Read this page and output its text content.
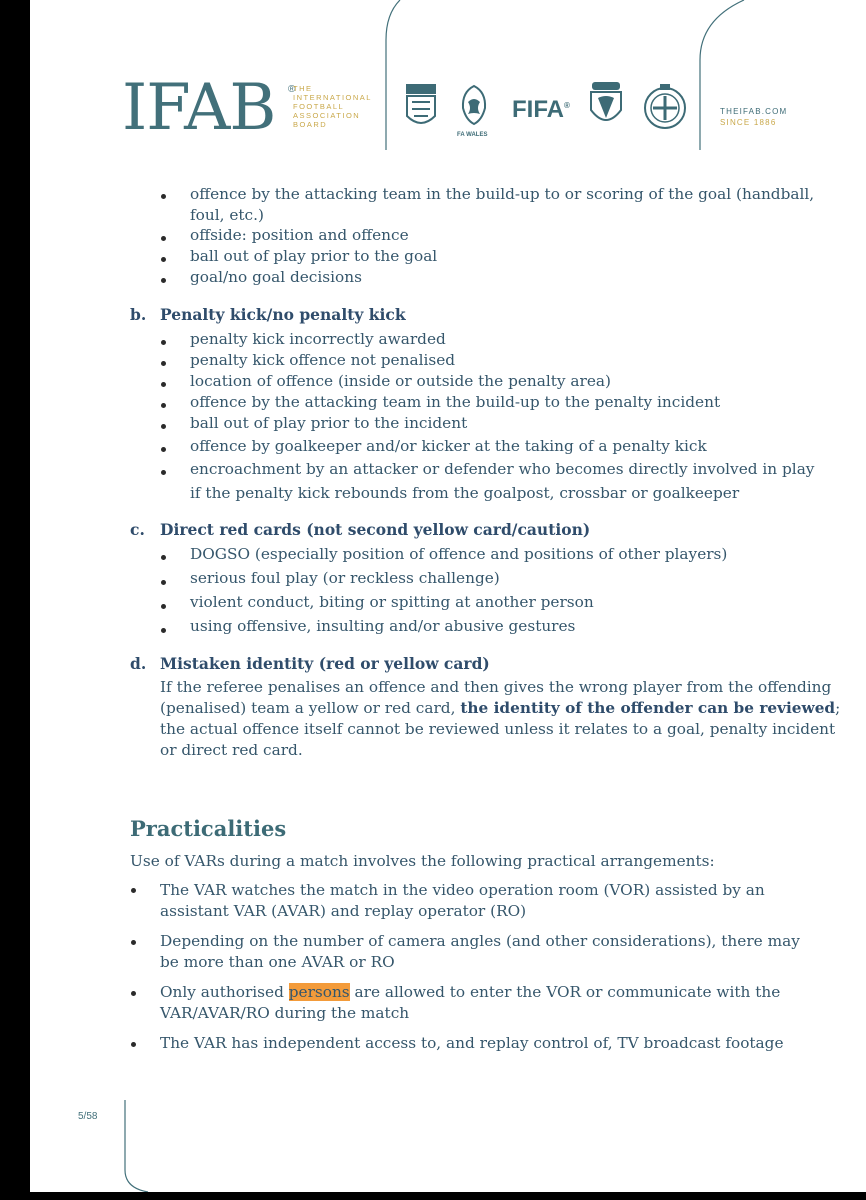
IFAB ®
THE
INTERNATIONAL
FOOTBALL
ASSOCIATION
BOARD
FA WALES
FIFA®
THEIFAB.COM
SINCE 1886
offence by the attacking team in the build-up to or scoring of the goal (handball,
foul, etc.)
offside: position and offence
ball out of play prior to the goal
goal/no goal decisions
b. Penalty kick/no penalty kick
penalty kick incorrectly awarded
penalty kick offence not penalised
location of offence (inside or outside the penalty area)
offence by the attacking team in the build-up to the penalty incident
ball out of play prior to the incident
offence by goalkeeper and/or kicker at the taking of a penalty kick
encroachment by an attacker or defender who becomes directly involved in play
if the penalty kick rebounds from the goalpost, crossbar or goalkeeper
c. Direct red cards (not second yellow card/caution)
DOGSO (especially position of offence and positions of other players)
serious foul play (or reckless challenge)
violent conduct, biting or spitting at another person
using offensive, insulting and/or abusive gestures
d. Mistaken identity (red or yellow card)
If the referee penalises an offence and then gives the wrong player from the offending
(penalised) team a yellow or red card, the identity of the offender can be reviewed;
the actual offence itself cannot be reviewed unless it relates to a goal, penalty incident
or direct red card.
Practicalities
Use of VARs during a match involves the following practical arrangements:
The VAR watches the match in the video operation room (VOR) assisted by an
assistant VAR (AVAR) and replay operator (RO)
Depending on the number of camera angles (and other considerations), there may
be more than one AVAR or RO
Only authorised persons are allowed to enter the VOR or communicate with the
VAR/AVAR/RO during the match
The VAR has independent access to, and replay control of, TV broadcast footage
5/58
